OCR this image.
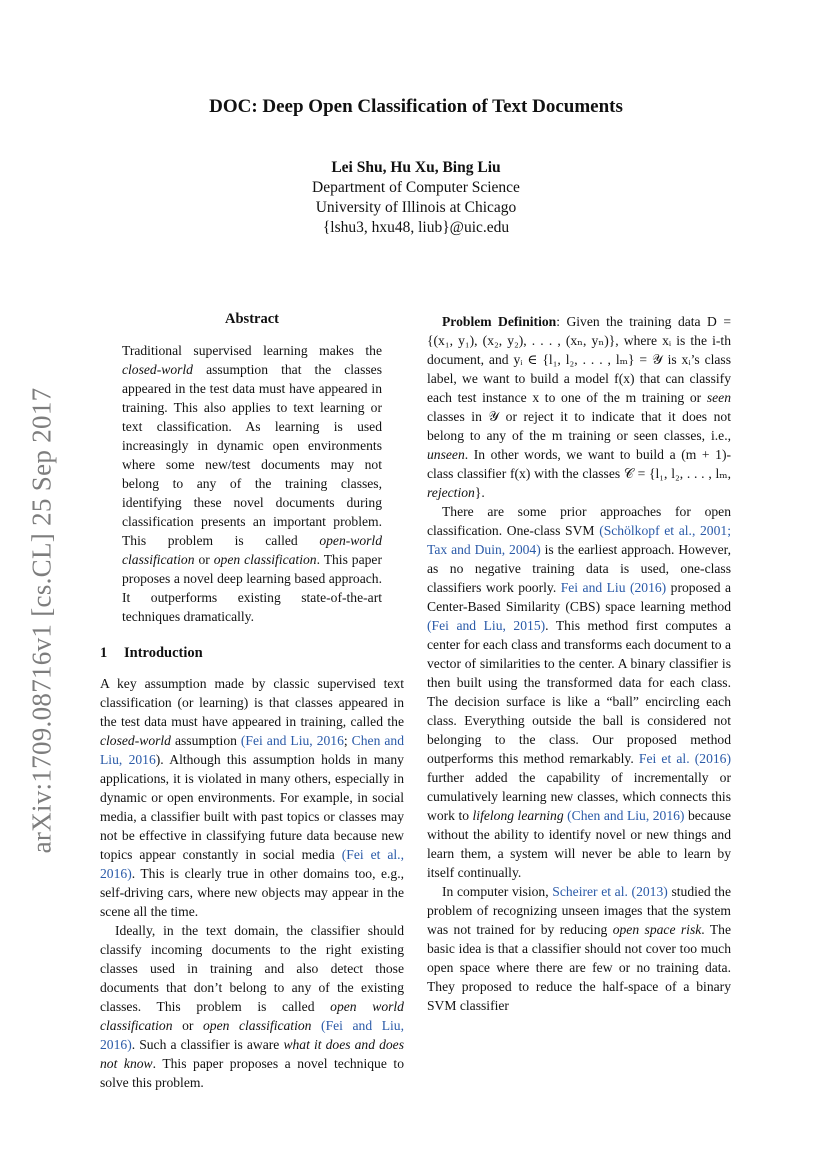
arXiv:1709.08716v1 [cs.CL] 25 Sep 2017
DOC: Deep Open Classification of Text Documents
Lei Shu, Hu Xu, Bing Liu
Department of Computer Science
University of Illinois at Chicago
{lshu3, hxu48, liub}@uic.edu
Abstract
Traditional supervised learning makes the closed-world assumption that the classes appeared in the test data must have appeared in training. This also applies to text learning or text classification. As learning is used increasingly in dynamic open environments where some new/test documents may not belong to any of the training classes, identifying these novel documents during classification presents an important problem. This problem is called open-world classification or open classification. This paper proposes a novel deep learning based approach. It outperforms existing state-of-the-art techniques dramatically.
1 Introduction

A key assumption made by classic supervised text classification (or learning) is that classes appeared in the test data must have appeared in training, called the closed-world assumption (Fei and Liu, 2016; Chen and Liu, 2016). Although this assumption holds in many applications, it is violated in many others, especially in dynamic or open environments. For example, in social media, a classifier built with past topics or classes may not be effective in classifying future data because new topics appear constantly in social media (Fei et al., 2016). This is clearly true in other domains too, e.g., self-driving cars, where new objects may appear in the scene all the time.

Ideally, in the text domain, the classifier should classify incoming documents to the right existing classes used in training and also detect those documents that don’t belong to any of the existing classes. This problem is called open world classification or open classification (Fei and Liu, 2016). Such a classifier is aware what it does and does not know. This paper proposes a novel technique to solve this problem.

Problem Definition: Given the training data D = {(x₁, y₁), (x₂, y₂), . . . , (xₙ, yₙ)}, where xᵢ is the i-th document, and yᵢ ∈ {l₁, l₂, . . . , lₘ} = 𝒴 is xᵢ’s class label, we want to build a model f(x) that can classify each test instance x to one of the m training or seen classes in 𝒴 or reject it to indicate that it does not belong to any of the m training or seen classes, i.e., unseen. In other words, we want to build a (m + 1)-class classifier f(x) with the classes 𝒞 = {l₁, l₂, . . . , lₘ, rejection}.

There are some prior approaches for open classification. One-class SVM (Schölkopf et al., 2001; Tax and Duin, 2004) is the earliest approach. However, as no negative training data is used, one-class classifiers work poorly. Fei and Liu (2016) proposed a Center-Based Similarity (CBS) space learning method (Fei and Liu, 2015). This method first computes a center for each class and transforms each document to a vector of similarities to the center. A binary classifier is then built using the transformed data for each class. The decision surface is like a “ball” encircling each class. Everything outside the ball is considered not belonging to the class. Our proposed method outperforms this method remarkably. Fei et al. (2016) further added the capability of incrementally or cumulatively learning new classes, which connects this work to lifelong learning (Chen and Liu, 2016) because without the ability to identify novel or new things and learn them, a system will never be able to learn by itself continually.

In computer vision, Scheirer et al. (2013) studied the problem of recognizing unseen images that the system was not trained for by reducing open space risk. The basic idea is that a classifier should not cover too much open space where there are few or no training data. They proposed to reduce the half-space of a binary SVM classifier
